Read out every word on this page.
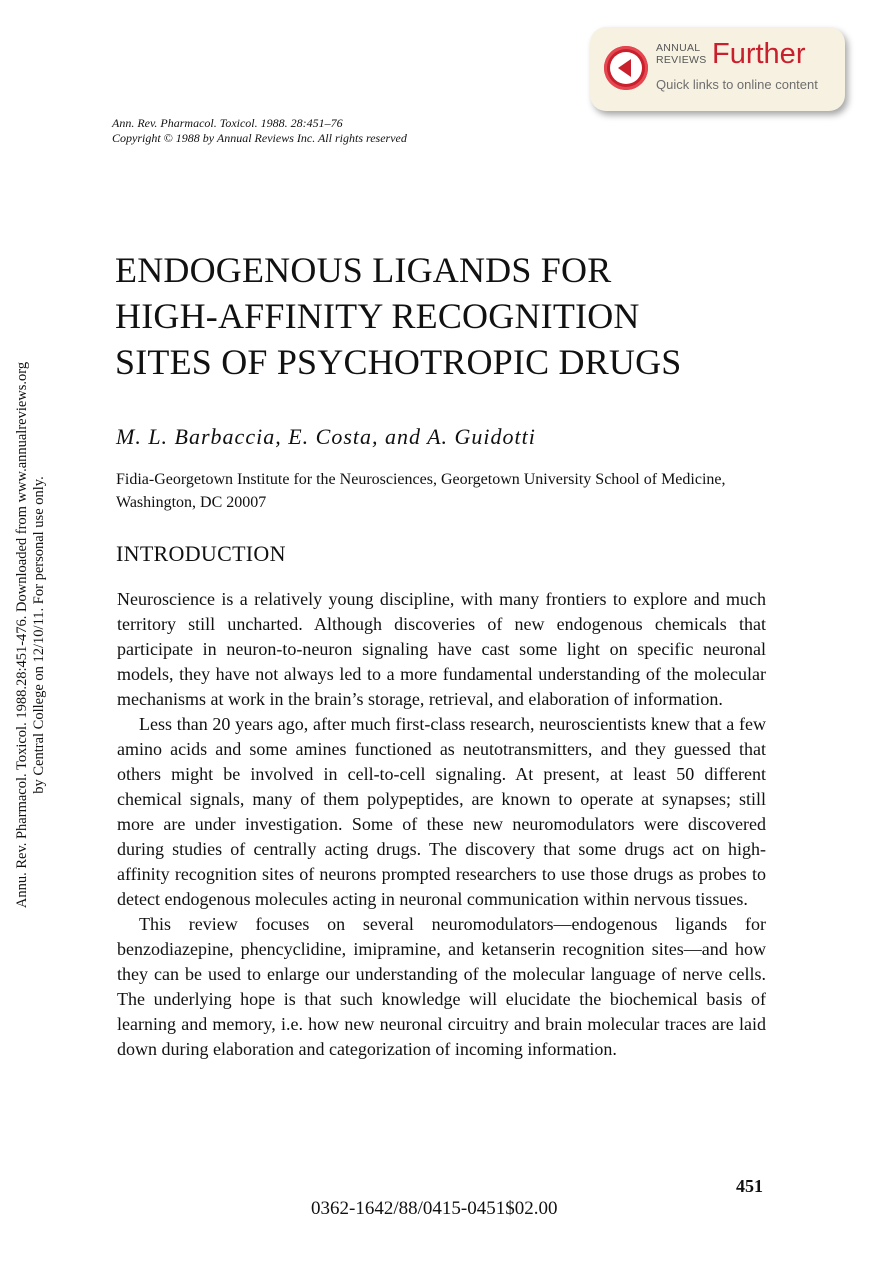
ANNUAL
REVIEWS Further
Quick links to online content
Annu. Rev. Pharmacol. Toxicol. 1988.28:451-476. Downloaded from www.annualreviews.org by Central College on 12/10/11. For personal use only.
Ann. Rev. Pharmacol. Toxicol. 1988. 28:451–76
Copyright © 1988 by Annual Reviews Inc. All rights reserved
ENDOGENOUS LIGANDS FOR
HIGH-AFFINITY RECOGNITION
SITES OF PSYCHOTROPIC DRUGS
M. L. Barbaccia, E. Costa, and A. Guidotti
Fidia-Georgetown Institute for the Neurosciences, Georgetown University School of Medicine, Washington, DC 20007
INTRODUCTION

Neuroscience is a relatively young discipline, with many frontiers to explore and much territory still uncharted. Although discoveries of new endogenous chemicals that participate in neuron-to-neuron signaling have cast some light on specific neuronal models, they have not always led to a more fundamental understanding of the molecular mechanisms at work in the brain’s storage, retrieval, and elaboration of information.

Less than 20 years ago, after much first-class research, neuroscientists knew that a few amino acids and some amines functioned as neutotransmitters, and they guessed that others might be involved in cell-to-cell signaling. At present, at least 50 different chemical signals, many of them polypeptides, are known to operate at synapses; still more are under investigation. Some of these new neuromodulators were discovered during studies of centrally acting drugs. The discovery that some drugs act on high-affinity recognition sites of neurons prompted researchers to use those drugs as probes to detect endogenous molecules acting in neuronal communication within nervous tissues.

This review focuses on several neuromodulators—endogenous ligands for benzodiazepine, phencyclidine, imipramine, and ketanserin recognition sites—and how they can be used to enlarge our understanding of the molecular language of nerve cells. The underlying hope is that such knowledge will elucidate the biochemical basis of learning and memory, i.e. how new neuronal circuitry and brain molecular traces are laid down during elaboration and categorization of incoming information.

451
0362-1642/88/0415-0451$02.00
